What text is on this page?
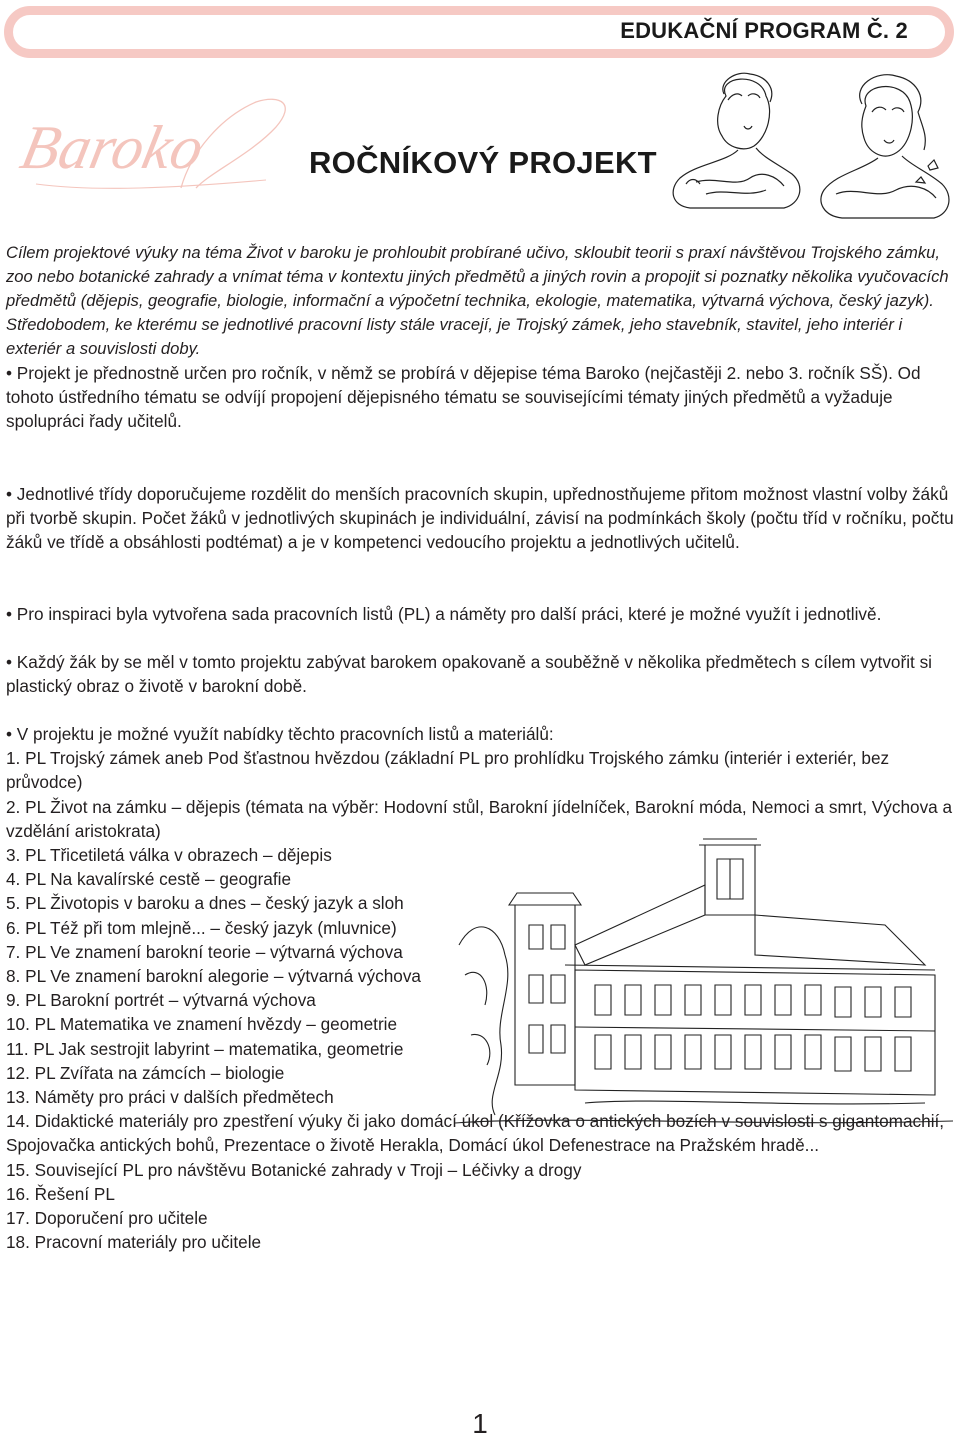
EDUKAČNÍ PROGRAM Č. 2
Baroko	ROČNÍKOVÝ PROJEKT
Cílem projektové výuky na téma Život v baroku je prohloubit probírané učivo, skloubit teorii s praxí návštěvou Trojského zámku, zoo nebo botanické zahrady a vnímat téma v kontextu jiných předmětů a jiných rovin a propojit si poznatky několika vyučovacích předmětů (dějepis, geografie, biologie, informační a výpočetní technika, ekologie, matematika, výtvarná výchova, český jazyk). Středobodem, ke kterému se jednotlivé pracovní listy stále vracejí, je Trojský zámek, jeho stavebník, stavitel, jeho interiér i exteriér a souvislosti doby.
• Projekt je přednostně určen pro ročník, v němž se probírá v dějepise téma Baroko (nejčastěji 2. nebo 3. ročník SŠ). Od tohoto ústředního tématu se odvíjí propojení dějepisného tématu se souvisejícími tématy jiných předmětů a vyžaduje spolupráci řady učitelů.
• Jednotlivé třídy doporučujeme rozdělit do menších pracovních skupin, upřednostňujeme přitom možnost vlastní volby žáků při tvorbě skupin. Počet žáků v jednotlivých skupinách je individuální, závisí na podmínkách školy (počtu tříd v ročníku, počtu žáků ve třídě a obsáhlosti podtémat) a je v kompetenci vedoucího projektu a jednotlivých učitelů.
• Pro inspiraci byla vytvořena sada pracovních listů (PL) a náměty pro další práci, které je možné využít i jednotlivě.
• Každý žák by se měl v tomto projektu zabývat barokem opakovaně a souběžně v několika předmětech s cílem vytvořit si plastický obraz o životě v barokní době.
• V projektu je možné využít nabídky těchto pracovních listů a materiálů:
1. PL Trojský zámek aneb Pod šťastnou hvězdou (základní PL pro prohlídku Trojského zámku (interiér i exteriér, bez průvodce)
2. PL Život na zámku – dějepis (témata na výběr: Hodovní stůl, Barokní jídelníček, Barokní móda, Nemoci a smrt, Výchova a vzdělání aristokrata)
3. PL Třicetiletá válka v obrazech – dějepis
4. PL Na kavalírské cestě – geografie
5. PL Životopis v baroku a dnes – český jazyk a sloh
6. PL Též při tom mlejně... – český jazyk (mluvnice)
7. PL Ve znamení barokní teorie – výtvarná výchova
8. PL Ve znamení barokní alegorie – výtvarná výchova
9. PL Barokní portrét – výtvarná výchova
10. PL Matematika ve znamení hvězdy – geometrie
11. PL Jak sestrojit labyrint – matematika, geometrie
12. PL Zvířata na zámcích – biologie
13. Náměty pro práci v dalších předmětech
14. Didaktické materiály pro zpestření výuky či jako domácí úkol (Křížovka o antických bozích v souvislosti s gigantomachií, Spojovačka antických bohů, Prezentace o životě Herakla, Domácí úkol Defenestrace na Pražském hradě...
15. Související PL pro návštěvu Botanické zahrady v Troji – Léčivky a drogy
16. Řešení PL
17. Doporučení pro učitele
18. Pracovní materiály pro učitele
1
